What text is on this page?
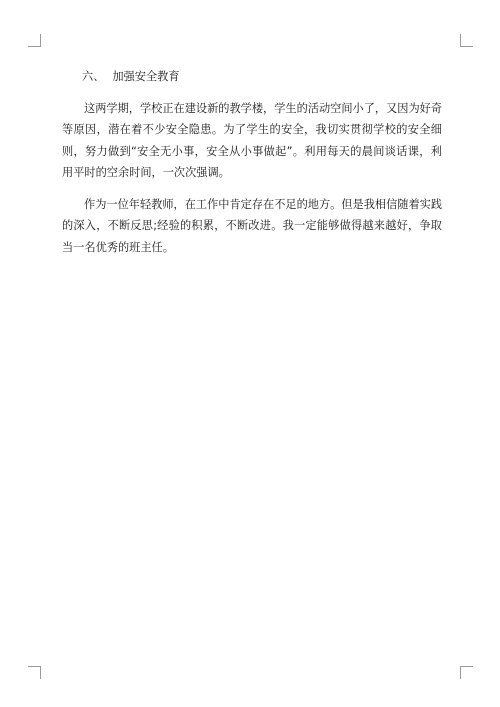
六、 加强安全教育

这两学期，学校正在建设新的教学楼，学生的活动空间小了，又因为好奇等原因，潜在着不少安全隐患。为了学生的安全，我切实贯彻学校的安全细则，努力做到“安全无小事，安全从小事做起”。利用每天的晨间谈话课，利用平时的空余时间，一次次强调。

作为一位年轻教师，在工作中肯定存在不足的地方。但是我相信随着实践的深入，不断反思;经验的积累，不断改进。我一定能够做得越来越好，争取当一名优秀的班主任。
